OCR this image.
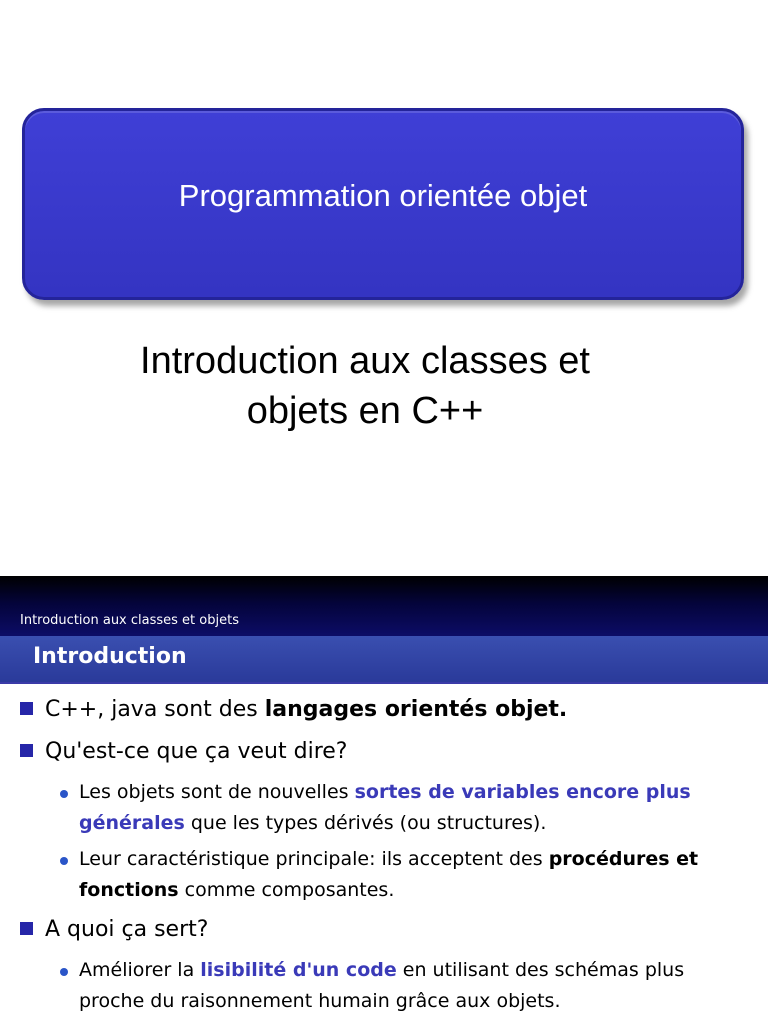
Programmation orientée objet
Introduction aux classes et
objets en C++
Introduction aux classes et objets
Introduction
C++, java sont des langages orientés objet.
Qu'est-ce que ça veut dire?
Les objets sont de nouvelles sortes de variables encore plus générales que les types dérivés (ou structures).
Leur caractéristique principale: ils acceptent des procédures et fonctions comme composantes.
A quoi ça sert?
Améliorer la lisibilité d'un code en utilisant des schémas plus proche du raisonnement humain grâce aux objets.
